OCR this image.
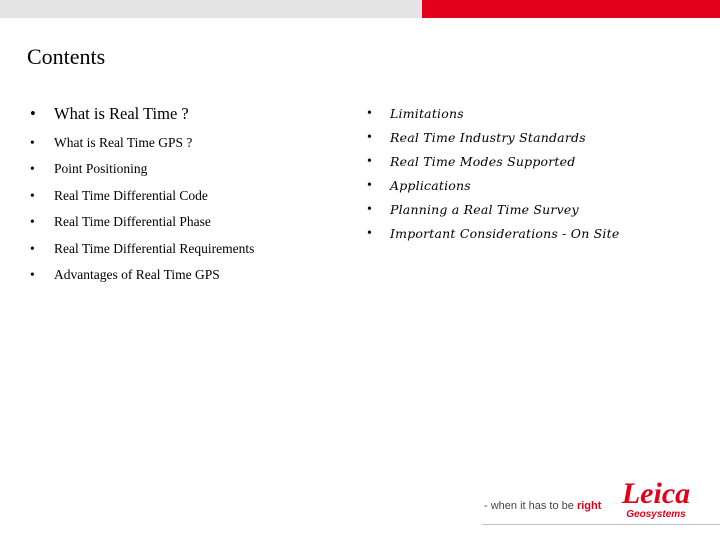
Contents
• What is Real Time ?
• What is Real Time GPS ?
• Point Positioning
• Real Time Differential Code
• Real Time Differential Phase
• Real Time Differential Requirements
• Advantages of Real Time GPS
• Limitations
• Real Time Industry Standards
• Real Time Modes Supported
• Applications
• Planning a Real Time Survey
• Important Considerations - On Site
- when it has to be right Leica
Geosystems
